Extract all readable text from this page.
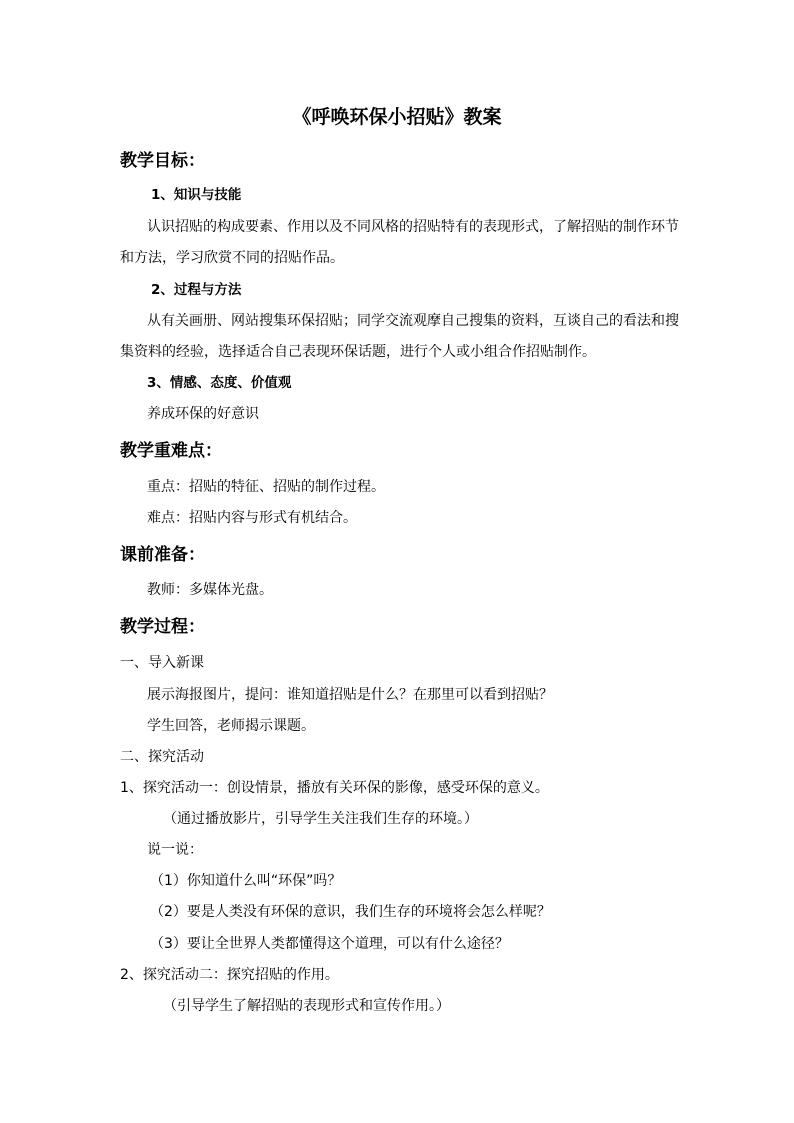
《呼唤环保小招贴》教案
教学目标：
1、知识与技能
认识招贴的构成要素、作用以及不同风格的招贴特有的表现形式，了解招贴的制作环节
和方法，学习欣赏不同的招贴作品。
2、过程与方法
从有关画册、网站搜集环保招贴；同学交流观摩自己搜集的资料，互谈自己的看法和搜
集资料的经验，选择适合自己表现环保话题，进行个人或小组合作招贴制作。
3、情感、态度、价值观
养成环保的好意识
教学重难点：
重点：招贴的特征、招贴的制作过程。
难点：招贴内容与形式有机结合。
课前准备：
教师：多媒体光盘。
教学过程：
一、导入新课
展示海报图片，提问：谁知道招贴是什么？在那里可以看到招贴？
学生回答，老师揭示课题。
二、探究活动
1、探究活动一：创设情景，播放有关环保的影像，感受环保的意义。
（通过播放影片，引导学生关注我们生存的环境。）
说一说：
（1）你知道什么叫“环保”吗？
（2）要是人类没有环保的意识，我们生存的环境将会怎么样呢？
（3）要让全世界人类都懂得这个道理，可以有什么途径？
2、探究活动二：探究招贴的作用。
（引导学生了解招贴的表现形式和宣传作用。）
